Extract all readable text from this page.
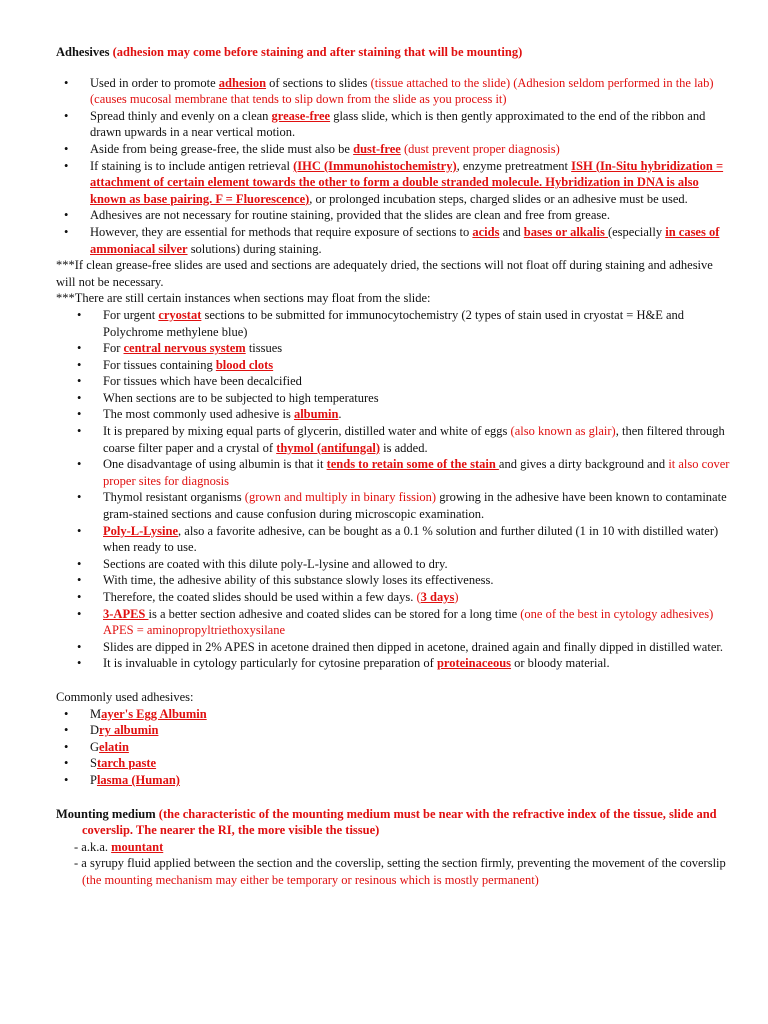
Adhesives (adhesion may come before staining and after staining that will be mounting)
• Used in order to promote adhesion of sections to slides (tissue attached to the slide) (Adhesion seldom performed in the lab) (causes mucosal membrane that tends to slip down from the slide as you process it)
• Spread thinly and evenly on a clean grease-free glass slide, which is then gently approximated to the end of the ribbon and drawn upwards in a near vertical motion.
• Aside from being grease-free, the slide must also be dust-free (dust prevent proper diagnosis)
• If staining is to include antigen retrieval (IHC (Immunohistochemistry), enzyme pretreatment ISH (In-Situ hybridization = attachment of certain element towards the other to form a double stranded molecule. Hybridization in DNA is also known as base pairing. F = Fluorescence), or prolonged incubation steps, charged slides or an adhesive must be used.
• Adhesives are not necessary for routine staining, provided that the slides are clean and free from grease.
• However, they are essential for methods that require exposure of sections to acids and bases or alkalis (especially in cases of ammoniacal silver solutions) during staining.

***If clean grease-free slides are used and sections are adequately dried, the sections will not float off during staining and adhesive will not be necessary.

***There are still certain instances when sections may float from the slide:

• For urgent cryostat sections to be submitted for immunocytochemistry (2 types of stain used in cryostat = H&E and Polychrome methylene blue)
• For central nervous system tissues
• For tissues containing blood clots
• For tissues which have been decalcified
• When sections are to be subjected to high temperatures
• The most commonly used adhesive is albumin.
• It is prepared by mixing equal parts of glycerin, distilled water and white of eggs (also known as glair), then filtered through coarse filter paper and a crystal of thymol (antifungal) is added.
• One disadvantage of using albumin is that it tends to retain some of the stain and gives a dirty background and it also cover proper sites for diagnosis
• Thymol resistant organisms (grown and multiply in binary fission) growing in the adhesive have been known to contaminate gram-stained sections and cause confusion during microscopic examination.
• Poly-L-Lysine, also a favorite adhesive, can be bought as a 0.1 % solution and further diluted (1 in 10 with distilled water) when ready to use.
• Sections are coated with this dilute poly-L-lysine and allowed to dry.
• With time, the adhesive ability of this substance slowly loses its effectiveness.
• Therefore, the coated slides should be used within a few days. (3 days)
• 3-APES is a better section adhesive and coated slides can be stored for a long time (one of the best in cytology adhesives) APES = aminopropyltriethoxysilane
• Slides are dipped in 2% APES in acetone drained then dipped in acetone, drained again and finally dipped in distilled water.
• It is invaluable in cytology particularly for cytosine preparation of proteinaceous or bloody material.

Commonly used adhesives:

• Mayer's Egg Albumin
• Dry albumin
• Gelatin
• Starch paste
• Plasma (Human)

Mounting medium (the characteristic of the mounting medium must be near with the refractive index of the tissue, slide and coverslip. The nearer the RI, the more visible the tissue)

- a.k.a. mountant

- a syrupy fluid applied between the section and the coverslip, setting the section firmly, preventing the movement of the coverslip (the mounting mechanism may either be temporary or resinous which is mostly permanent)
